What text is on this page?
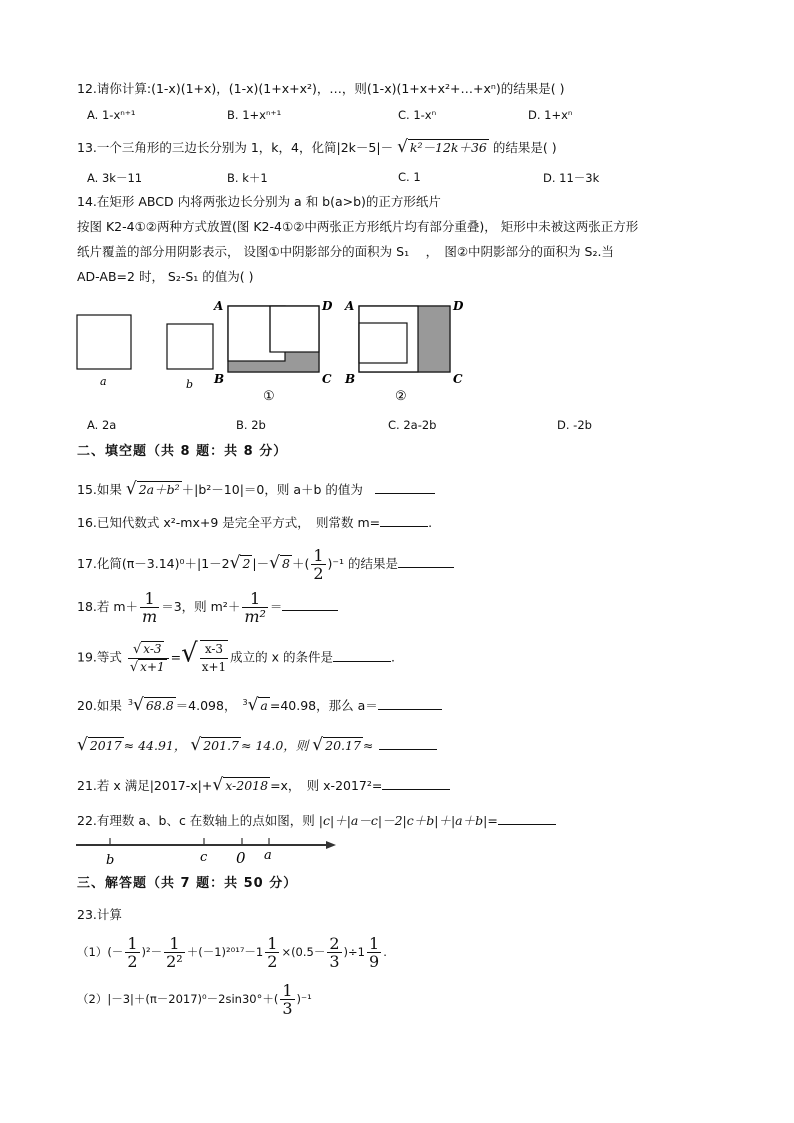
12.请你计算:(1-x)(1+x)，(1-x)(1+x+x²)，…，则(1-x)(1+x+x²+…+xⁿ)的结果是( )
A. 1-xⁿ⁺¹	B. 1+xⁿ⁺¹	C. 1-xⁿ	D. 1+xⁿ
13.一个三角形的三边长分别为 1，k，4，化简|2k－5|－ √ k²－12k＋36 的结果是( )
A. 3k－11	B. k＋1	C. 1	D. 11－3k
14.在矩形 ABCD 内将两张边长分别为 a 和 b(a>b)的正方形纸片
按图 K2-4①②两种方式放置(图 K2-4①②中两张正方形纸片均有部分重叠)， 矩形中未被这两张正方形
纸片覆盖的部分用阴影表示， 设图①中阴影部分的面积为 S₁　 ，　图②中阴影部分的面积为 S₂.当
AD-AB=2 时， S₂-S₁ 的值为( )
a	b
A	D
B	C
①
A	D
B	C
②
A. 2a	B. 2b	C. 2a-2b	D. -2b
二、填空题（共 8 题：共 8 分）
15.如果 √ 2a＋b² ＋|b²－10|＝0，则 a＋b 的值为
16.已知代数式 x²-mx+9 是完全平方式，　则常数 m=	.
17.化简(π－3.14)⁰＋|1－2√ 2 |－√ 8 ＋( $\frac{1}{2} )^{-1}$ 的结果是
18.若 $m+ \frac{1}{m} =3$，则 $m^2+ \frac{1}{\text{m²}}$ ＝
19.等式 $\frac{√ x-3}{√ x+1}$ =√ $\frac{x-3}{x+1}$ 成立的 x 的条件是	.
20.如果 $^3$√ 68.8 ＝4.098， $^3$√ a =40.98，那么 a＝
√ 2017 ≈ 44.91， √ 201.7 ≈ 14.0，则 √ 20.17 ≈
21.若 x 满足|2017-x|+√ x-2018 =x，　则 x-2017²=
22.有理数 a、b、c 在数轴上的点如图，则 |c|＋|a－c|－2|c＋b|＋|a＋b|=
b	c 0 a
三、解答题（共 7 题：共 50 分）
23.计算
$(1)(- \frac{1}{2} )^2- \frac{1}{\text{2²}} +(-1)^{2017}-1 \frac{1}{2} \times(0.5- \frac{2}{3} )\div 1 \frac{1}{9}$ .
$(2)|-3|+(\pi-2017)^0-2\sin 30^\circ+( \frac{1}{3} )^{-1}$
